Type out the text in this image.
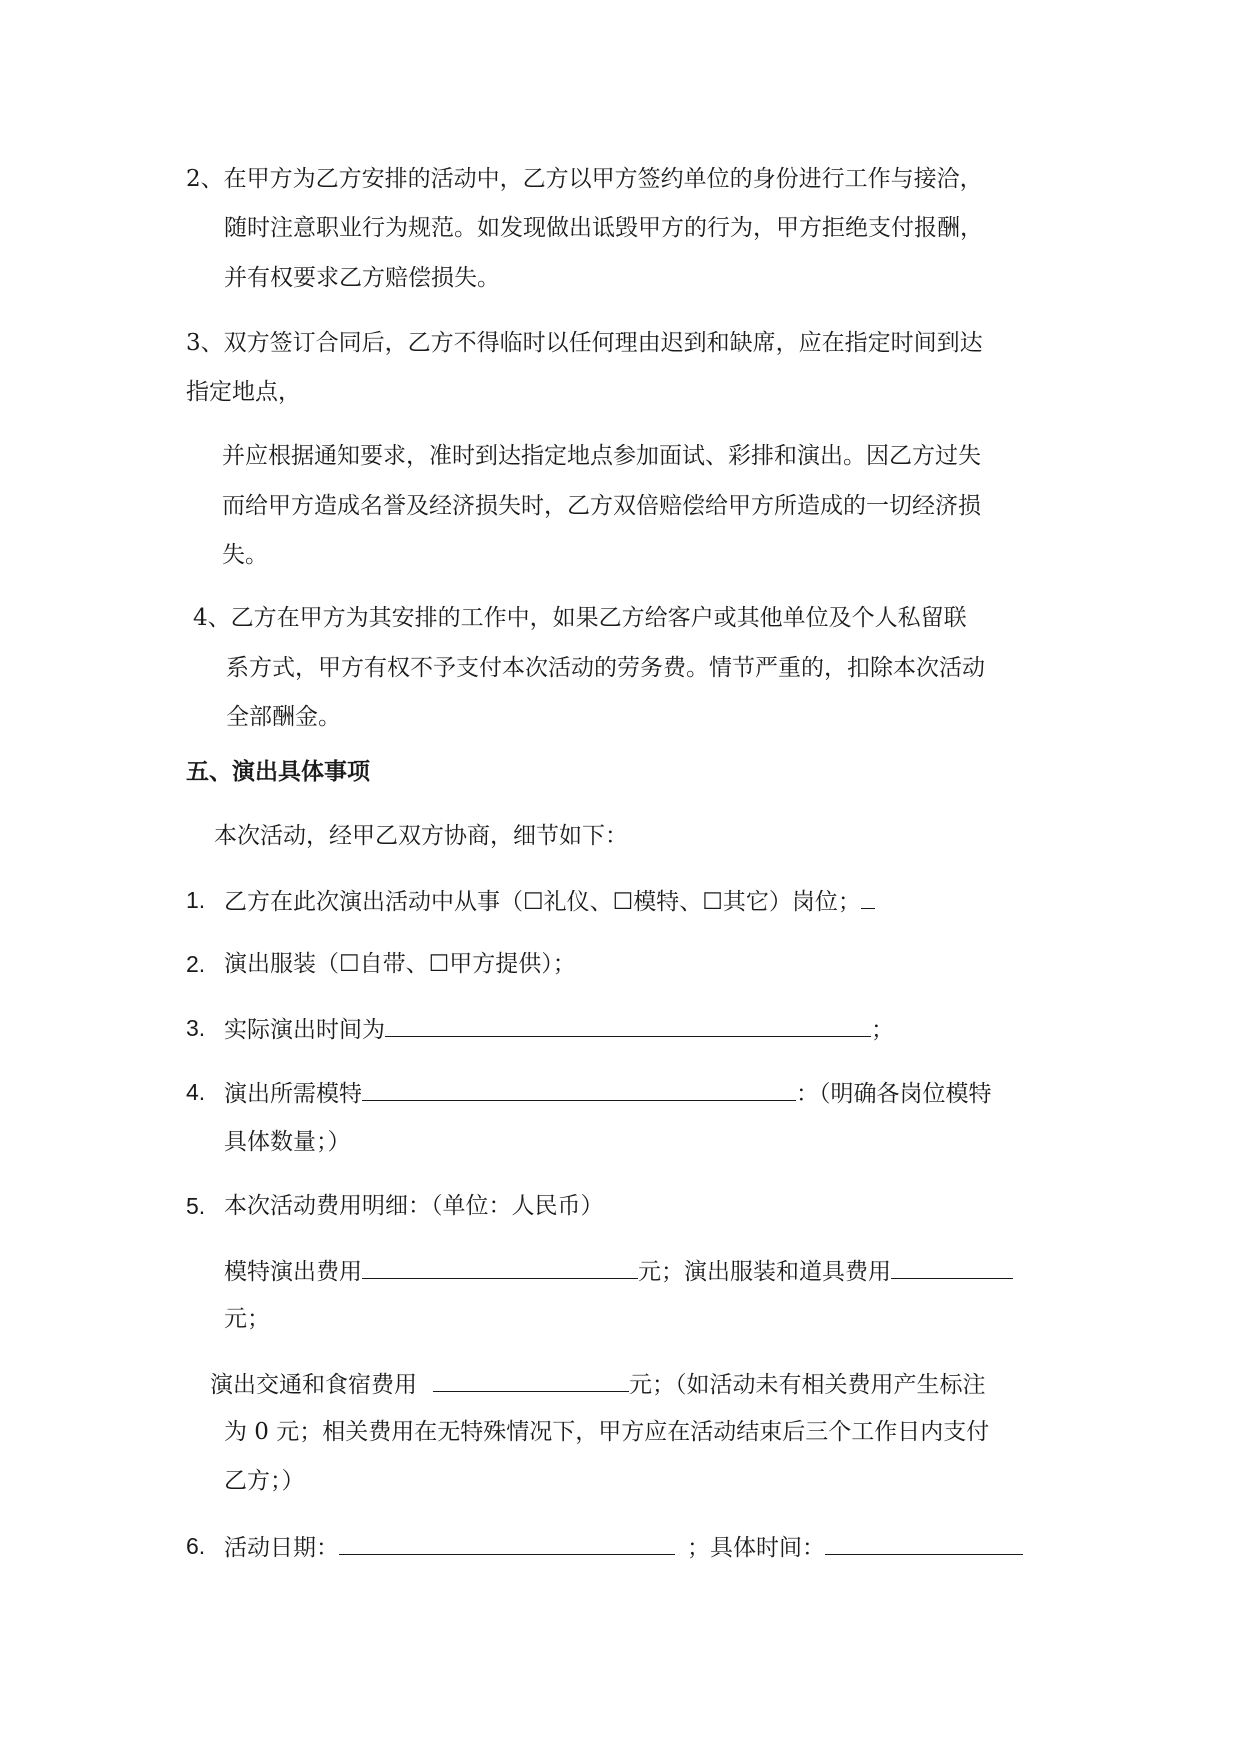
2、在甲方为乙方安排的活动中，乙方以甲方签约单位的身份进行工作与接洽，
随时注意职业行为规范。如发现做出诋毁甲方的行为，甲方拒绝支付报酬，
并有权要求乙方赔偿损失。
3、双方签订合同后，乙方不得临时以任何理由迟到和缺席，应在指定时间到达
指定地点，
并应根据通知要求，准时到达指定地点参加面试、彩排和演出。因乙方过失
而给甲方造成名誉及经济损失时，乙方双倍赔偿给甲方所造成的一切经济损
失。
4、乙方在甲方为其安排的工作中，如果乙方给客户或其他单位及个人私留联
系方式，甲方有权不予支付本次活动的劳务费。情节严重的，扣除本次活动
全部酬金。
五、演出具体事项
本次活动，经甲乙双方协商，细节如下：
1. 乙方在此次演出活动中从事（☐礼仪、☐模特、☐其它）岗位；
2. 演出服装（☐自带、☐甲方提供）；
3. 实际演出时间为	；
4. 演出所需模特	：（明确各岗位模特
具体数量；）
5. 本次活动费用明细：（单位：人民币）
模特演出费用	元；演出服装和道具费用
元；
演出交通和食宿费用	元；（如活动未有相关费用产生标注
为 0 元；相关费用在无特殊情况下，甲方应在活动结束后三个工作日内支付
乙方；）
6. 活动日期：	；具体时间：
